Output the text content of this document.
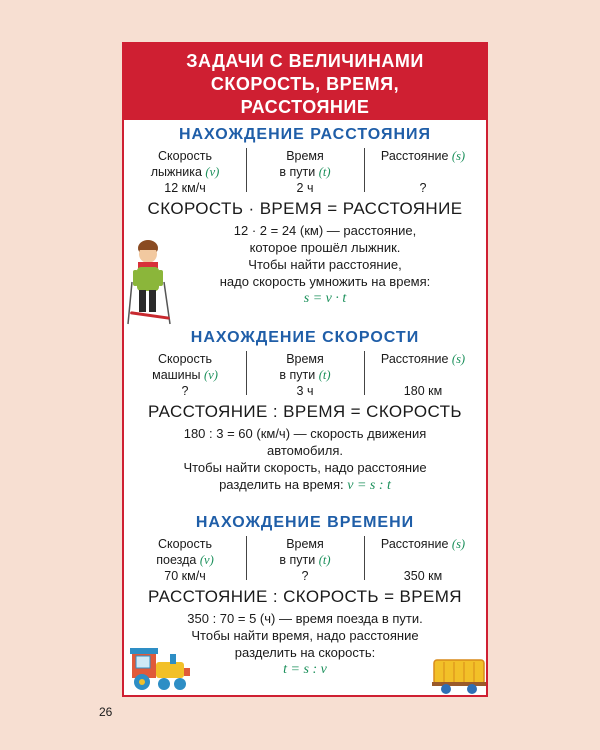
ЗАДАЧИ С ВЕЛИЧИНАМИ
СКОРОСТЬ, ВРЕМЯ,
РАССТОЯНИЕ
НАХОЖДЕНИЕ РАССТОЯНИЯ
Скорость
лыжника (v)
12 км/ч
Время
в пути (t)
2 ч
Расстояние (s)
?
СКОРОСТЬ · ВРЕМЯ = РАССТОЯНИЕ
12 · 2 = 24 (км) — расстояние,
которое прошёл лыжник.
Чтобы найти расстояние,
надо скорость умножить на время:
s = v · t
НАХОЖДЕНИЕ СКОРОСТИ
Скорость
машины (v)
?
Время
в пути (t)
3 ч
Расстояние (s)
180 км
РАССТОЯНИЕ : ВРЕМЯ = СКОРОСТЬ
180 : 3 = 60 (км/ч) — скорость движения
автомобиля.
Чтобы найти скорость, надо расстояние
разделить на время: v = s : t
НАХОЖДЕНИЕ ВРЕМЕНИ
Скорость
поезда (v)
70 км/ч
Время
в пути (t)
?
Расстояние (s)
350 км
РАССТОЯНИЕ : СКОРОСТЬ = ВРЕМЯ
350 : 70 = 5 (ч) — время поезда в пути.
Чтобы найти время, надо расстояние
разделить на скорость:
t = s : v
26
